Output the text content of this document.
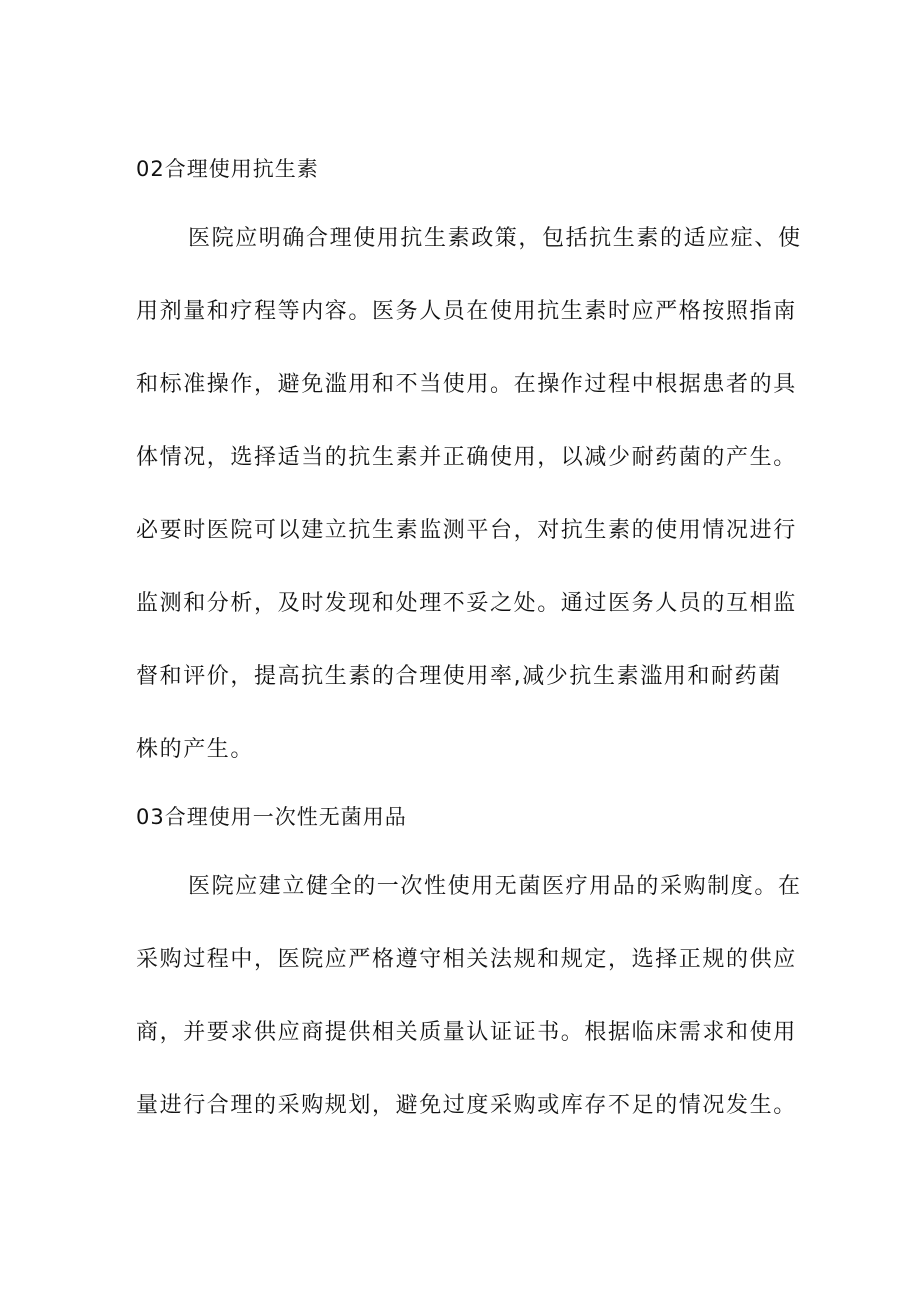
02合理使用抗生素
医院应明确合理使用抗生素政策，包括抗生素的适应症、使
用剂量和疗程等内容。医务人员在使用抗生素时应严格按照指南
和标准操作，避免滥用和不当使用。在操作过程中根据患者的具
体情况，选择适当的抗生素并正确使用，以减少耐药菌的产生。
必要时医院可以建立抗生素监测平台，对抗生素的使用情况进行
监测和分析，及时发现和处理不妥之处。通过医务人员的互相监
督和评价，提高抗生素的合理使用率,减少抗生素滥用和耐药菌
株的产生。
03合理使用一次性无菌用品
医院应建立健全的一次性使用无菌医疗用品的采购制度。在
采购过程中，医院应严格遵守相关法规和规定，选择正规的供应
商，并要求供应商提供相关质量认证证书。根据临床需求和使用
量进行合理的采购规划，避免过度采购或库存不足的情况发生。
